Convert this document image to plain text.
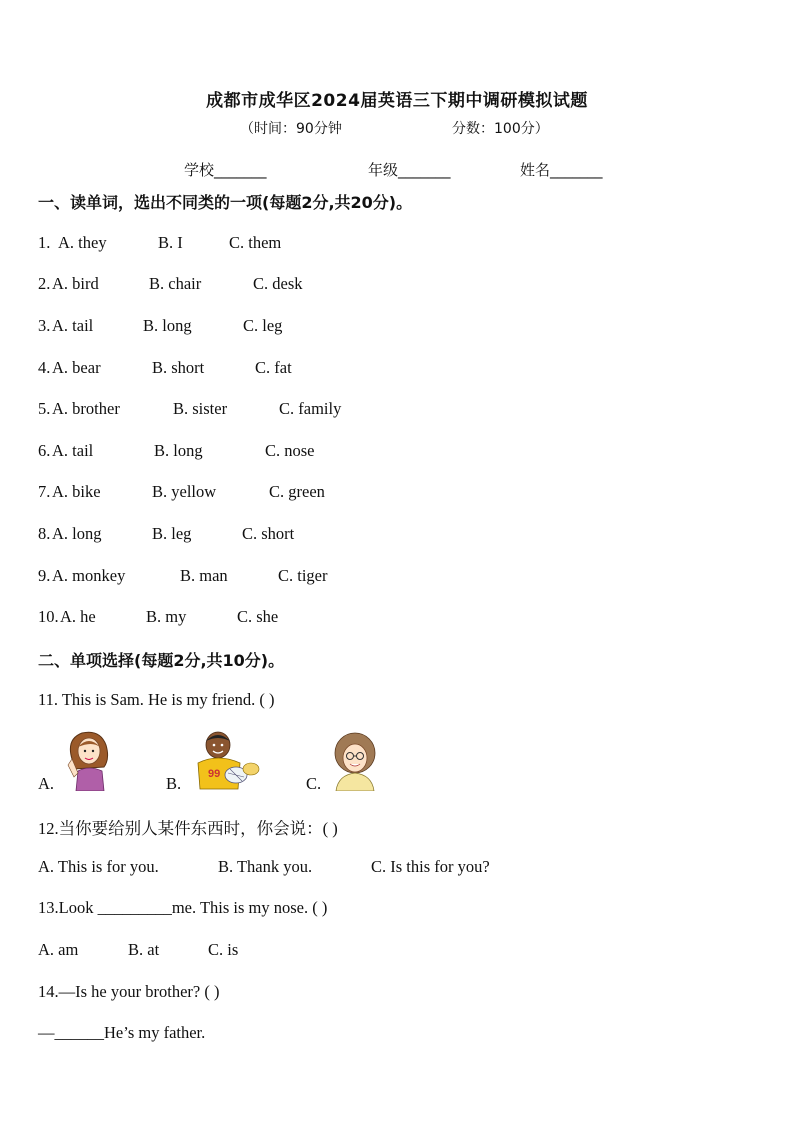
成都市成华区2024届英语三下期中调研模拟试题
（时间：90分钟	分数：100分）
学校_______	年级_______	姓名_______
一、读单词，选出不同类的一项(每题2分,共20分)。
1. A. they	B. I	C. them
2. A. bird	B. chair	C. desk
3. A. tail	B. long	C. leg
4. A. bear	B. short	C. fat
5. A. brother	B. sister	C. family
6. A. tail	B. long	C. nose
7. A. bike	B. yellow	C. green
8. A. long	B. leg	C. short
9. A. monkey	B. man	C. tiger
10. A. he	B. my	C. she
二、单项选择(每题2分,共10分)。
11. This is Sam. He is my friend. ( )
A.	B.	C.
99
12.当你要给别人某件东西时，你会说：( )
A. This is for you.	B. Thank you.	C. Is this for you?
13.Look _________me. This is my nose. ( )
A. am	B. at	C. is
14.—Is he your brother? ( )
—______He’s my father.
